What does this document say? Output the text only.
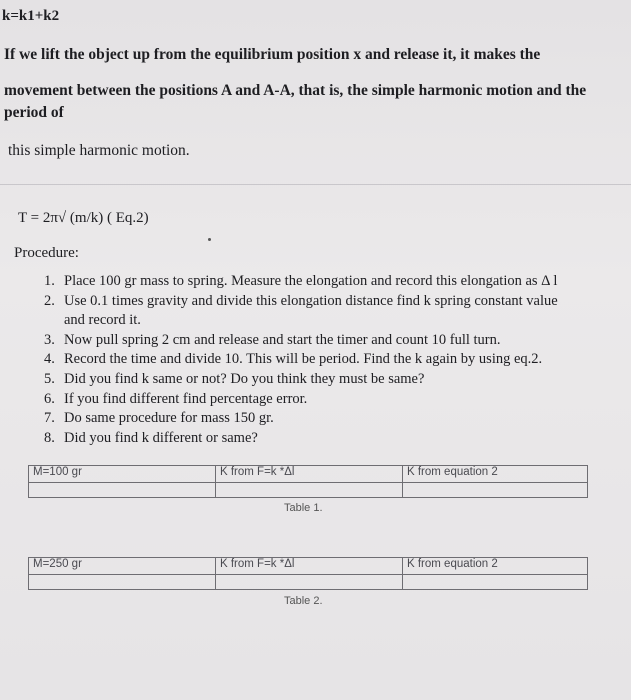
k=k1+k2
If we lift the object up from the equilibrium position x and release it, it makes the
movement between the positions A and A-A, that is, the simple harmonic motion and the
period of
this simple harmonic motion.
T = 2π√ (m/k) ( Eq.2)
Procedure:
1. Place 100 gr mass to spring. Measure the elongation and record this elongation as Δ l
2. Use 0.1 times gravity and divide this elongation distance find k spring constant value
and record it.
3. Now pull spring 2 cm and release and start the timer and count 10 full turn.
4. Record the time and divide 10. This will be period. Find the k again by using eq.2.
5. Did you find k same or not? Do you think they must be same?
6. If you find different find percentage error.
7. Do same procedure for mass 150 gr.
8. Did you find k different or same?
M=100 gr	K from F=k *Δl	K from equation 2

Table 1.
M=250 gr	K from F=k *Δl	K from equation 2

Table 2.
